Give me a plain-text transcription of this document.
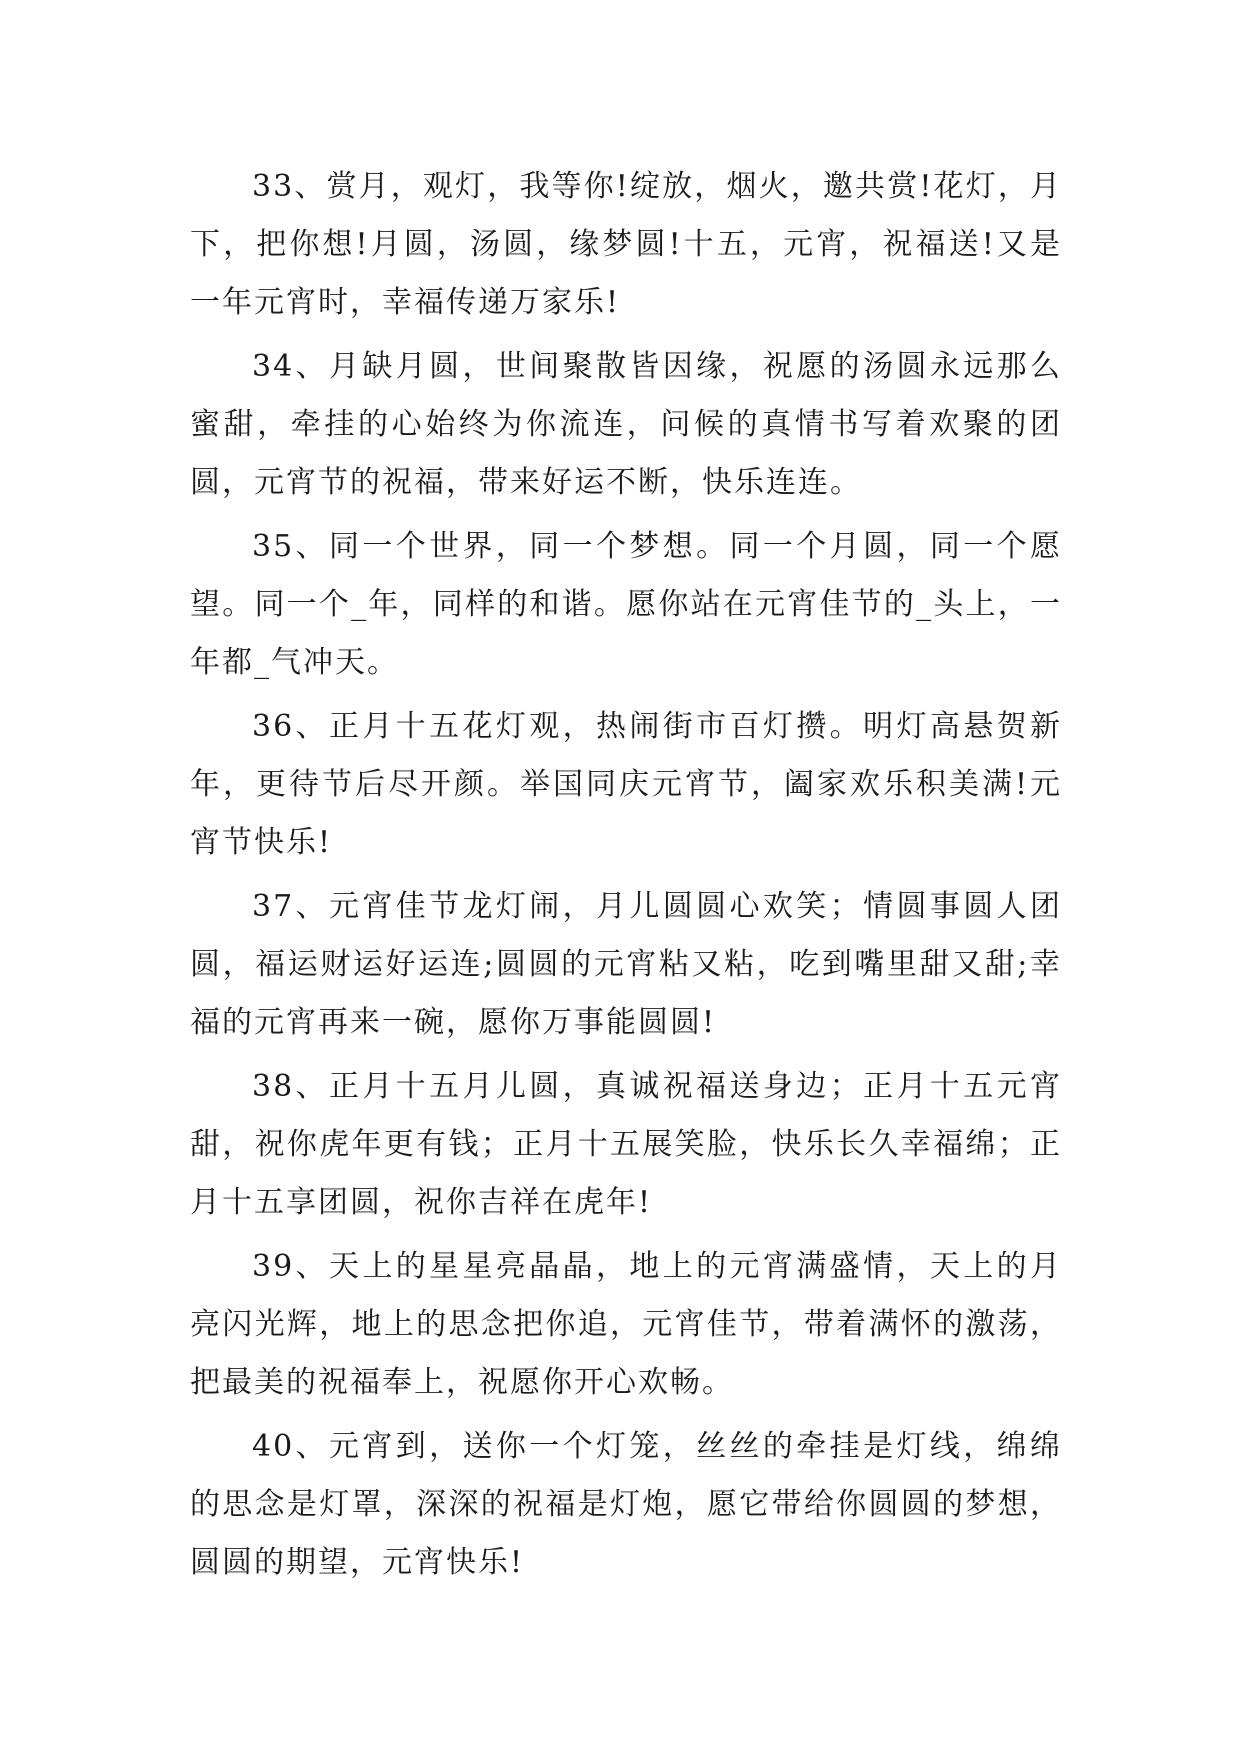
33、赏月，观灯，我等你!绽放，烟火，邀共赏!花灯，月下，把你想!月圆，汤圆，缘梦圆!十五，元宵，祝福送!又是一年元宵时，幸福传递万家乐!

34、月缺月圆，世间聚散皆因缘，祝愿的汤圆永远那么蜜甜，牵挂的心始终为你流连，问候的真情书写着欢聚的团圆，元宵节的祝福，带来好运不断，快乐连连。

35、同一个世界，同一个梦想。同一个月圆，同一个愿望。同一个_年，同样的和谐。愿你站在元宵佳节的_头上，一年都_气冲天。

36、正月十五花灯观，热闹街市百灯攒。明灯高悬贺新年，更待节后尽开颜。举国同庆元宵节，阖家欢乐积美满!元宵节快乐!

37、元宵佳节龙灯闹，月儿圆圆心欢笑；情圆事圆人团圆，福运财运好运连;圆圆的元宵粘又粘，吃到嘴里甜又甜;幸福的元宵再来一碗，愿你万事能圆圆!

38、正月十五月儿圆，真诚祝福送身边；正月十五元宵甜，祝你虎年更有钱；正月十五展笑脸，快乐长久幸福绵；正月十五享团圆，祝你吉祥在虎年!

39、天上的星星亮晶晶，地上的元宵满盛情，天上的月亮闪光辉，地上的思念把你追，元宵佳节，带着满怀的激荡，把最美的祝福奉上，祝愿你开心欢畅。

40、元宵到，送你一个灯笼，丝丝的牵挂是灯线，绵绵的思念是灯罩，深深的祝福是灯炮，愿它带给你圆圆的梦想，圆圆的期望，元宵快乐!
